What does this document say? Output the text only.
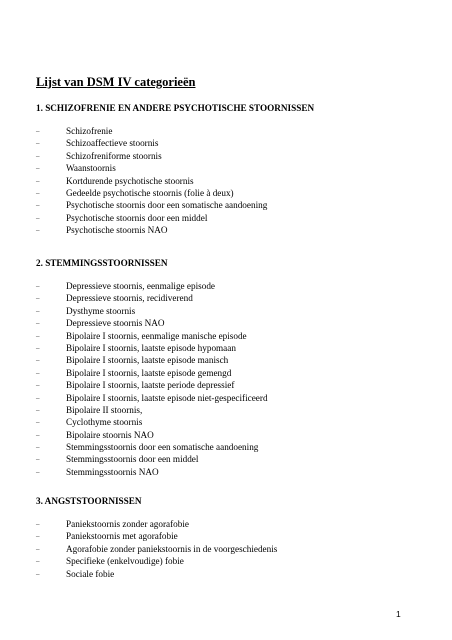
Lijst van DSM IV categorieën
1. SCHIZOFRENIE EN ANDERE PSYCHOTISCHE STOORNISSEN
–	Schizofrenie
–	Schizoaffectieve stoornis
–	Schizofreniforme stoornis
–	Waanstoornis
–	Kortdurende psychotische stoornis
–	Gedeelde psychotische stoornis (folie à deux)
–	Psychotische stoornis door een somatische aandoening
–	Psychotische stoornis door een middel
–	Psychotische stoornis NAO
2. STEMMINGSSTOORNISSEN
–	Depressieve stoornis, eenmalige episode
–	Depressieve stoornis, recidiverend
–	Dysthyme stoornis
–	Depressieve stoornis NAO
–	Bipolaire I stoornis, eenmalige manische episode
–	Bipolaire I stoornis, laatste episode hypomaan
–	Bipolaire I stoornis, laatste episode manisch
–	Bipolaire I stoornis, laatste episode gemengd
–	Bipolaire I stoornis, laatste periode depressief
–	Bipolaire I stoornis, laatste episode niet-gespecificeerd
–	Bipolaire II stoornis,
–	Cyclothyme stoornis
–	Bipolaire stoornis NAO
–	Stemmingsstoornis door een somatische aandoening
–	Stemmingsstoornis door een middel
–	Stemmingsstoornis NAO
3. ANGSTSTOORNISSEN
–	Paniekstoornis zonder agorafobie
–	Paniekstoornis met agorafobie
–	Agorafobie zonder paniekstoornis in de voorgeschiedenis
–	Specifieke (enkelvoudige) fobie
–	Sociale fobie
1
